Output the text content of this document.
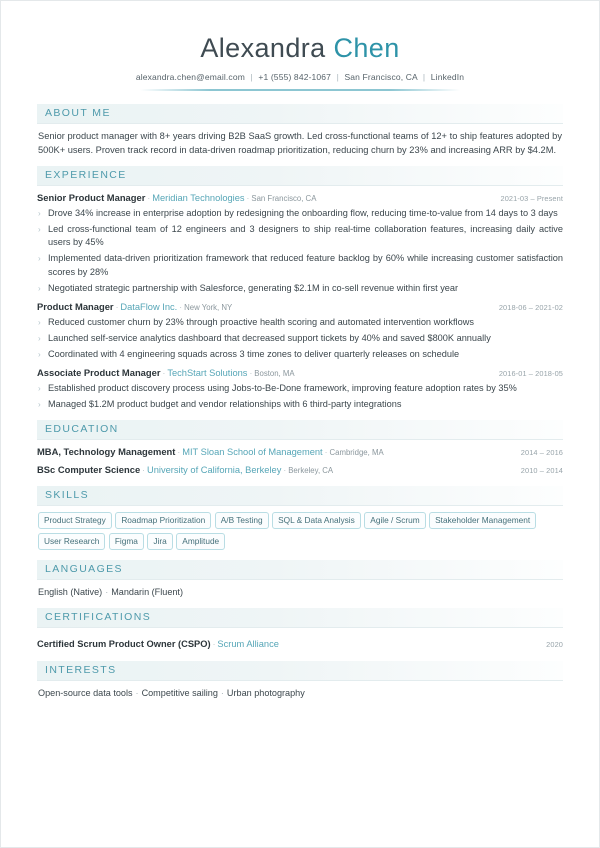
Alexandra Chen
alexandra.chen@email.com | +1 (555) 842-1067 | San Francisco, CA | LinkedIn
ABOUT ME
Senior product manager with 8+ years driving B2B SaaS growth. Led cross-functional teams of 12+ to ship features adopted by 500K+ users. Proven track record in data-driven roadmap prioritization, reducing churn by 23% and increasing ARR by $4.2M.
EXPERIENCE
Senior Product Manager · Meridian Technologies · San Francisco, CA	2021-03 – Present
› Drove 34% increase in enterprise adoption by redesigning the onboarding flow, reducing time-to-value from 14 days to 3 days
› Led cross-functional team of 12 engineers and 3 designers to ship real-time collaboration features, increasing daily active users by 45%
› Implemented data-driven prioritization framework that reduced feature backlog by 60% while increasing customer satisfaction scores by 28%
› Negotiated strategic partnership with Salesforce, generating $2.1M in co-sell revenue within first year
Product Manager · DataFlow Inc. · New York, NY	2018-06 – 2021-02
› Reduced customer churn by 23% through proactive health scoring and automated intervention workflows
› Launched self-service analytics dashboard that decreased support tickets by 40% and saved $800K annually
› Coordinated with 4 engineering squads across 3 time zones to deliver quarterly releases on schedule
Associate Product Manager · TechStart Solutions · Boston, MA	2016-01 – 2018-05
› Established product discovery process using Jobs-to-Be-Done framework, improving feature adoption rates by 35%
› Managed $1.2M product budget and vendor relationships with 6 third-party integrations
EDUCATION
MBA, Technology Management · MIT Sloan School of Management · Cambridge, MA	2014 – 2016
BSc Computer Science · University of California, Berkeley · Berkeley, CA	2010 – 2014
SKILLS
Product Strategy	Roadmap Prioritization	A/B Testing	SQL & Data Analysis	Agile / Scrum	Stakeholder Management
User Research	Figma	Jira	Amplitude
LANGUAGES
English (Native) · Mandarin (Fluent)
CERTIFICATIONS
Certified Scrum Product Owner (CSPO) · Scrum Alliance	2020
INTERESTS
Open-source data tools · Competitive sailing · Urban photography
